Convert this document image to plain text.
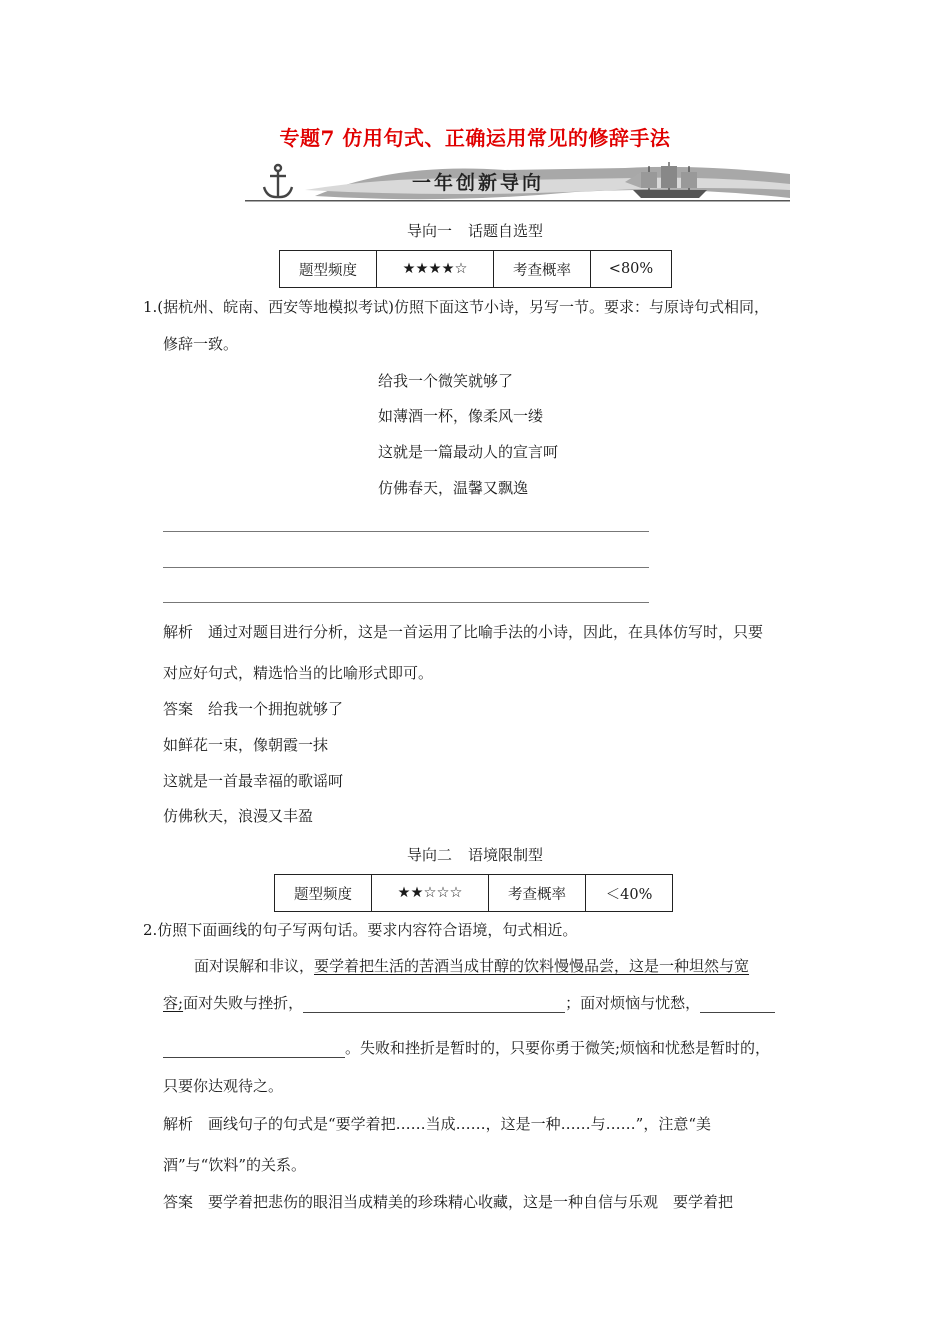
专题7 仿用句式、正确运用常见的修辞手法
一年创新导向
导向一 话题自选型
题型频度	★★★★☆	考查概率	<80%
1.(据杭州、皖南、西安等地模拟考试)仿照下面这节小诗，另写一节。要求：与原诗句式相同，
修辞一致。
给我一个微笑就够了
如薄酒一杯，像柔风一缕
这就是一篇最动人的宣言呵
仿佛春天，温馨又飘逸
解析　通过对题目进行分析，这是一首运用了比喻手法的小诗，因此，在具体仿写时，只要
对应好句式，精选恰当的比喻形式即可。
答案　给我一个拥抱就够了
如鲜花一束，像朝霞一抹
这就是一首最幸福的歌谣呵
仿佛秋天，浪漫又丰盈
导向二 语境限制型
题型频度	★★☆☆☆	考查概率	＜40%
2.仿照下面画线的句子写两句话。要求内容符合语境，句式相近。
面对误解和非议，要学着把生活的苦酒当成甘醇的饮料慢慢品尝，这是一种坦然与宽
容;面对失败与挫折，	；面对烦恼与忧愁，
。失败和挫折是暂时的，只要你勇于微笑;烦恼和忧愁是暂时的，
只要你达观待之。
解析　画线句子的句式是“要学着把……当成……，这是一种……与……”，注意“美
酒”与“饮料”的关系。
答案　要学着把悲伤的眼泪当成精美的珍珠精心收藏，这是一种自信与乐观　要学着把
